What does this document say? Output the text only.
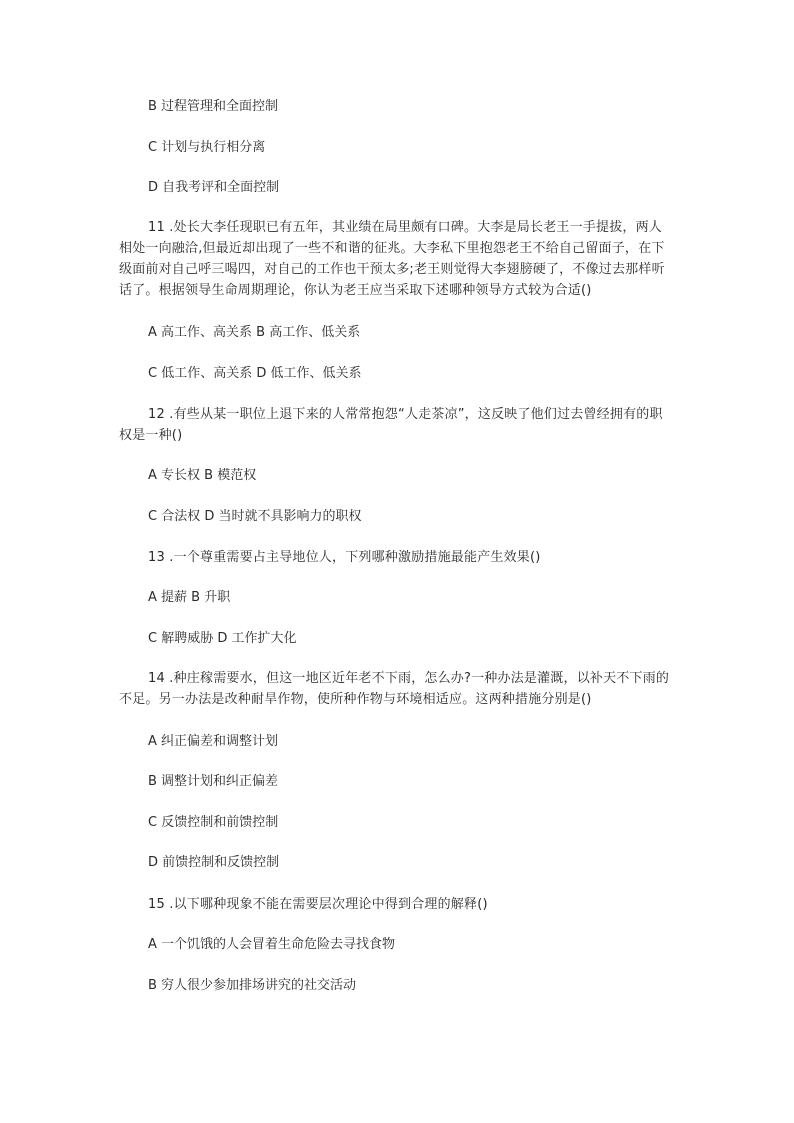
B 过程管理和全面控制
C 计划与执行相分离
D 自我考评和全面控制
11 .处长大李任现职已有五年，其业绩在局里颇有口碑。大李是局长老王一手提拔，两人相处一向融洽,但最近却出现了一些不和谐的征兆。大李私下里抱怨老王不给自己留面子，在下级面前对自己呼三喝四，对自己的工作也干预太多;老王则觉得大李翅膀硬了，不像过去那样听话了。根据领导生命周期理论，你认为老王应当采取下述哪种领导方式较为合适()
A 高工作、高关系 B 高工作、低关系
C 低工作、高关系 D 低工作、低关系
12 .有些从某一职位上退下来的人常常抱怨“人走茶凉”，这反映了他们过去曾经拥有的职权是一种()
A 专长权 B 模范权
C 合法权 D 当时就不具影响力的职权
13 .一个尊重需要占主导地位人，下列哪种激励措施最能产生效果()
A 提薪 B 升职
C 解聘威胁 D 工作扩大化
14 .种庄稼需要水，但这一地区近年老不下雨，怎么办?一种办法是灌溉，以补天不下雨的不足。另一办法是改种耐旱作物，使所种作物与环境相适应。这两种措施分别是()
A 纠正偏差和调整计划
B 调整计划和纠正偏差
C 反馈控制和前馈控制
D 前馈控制和反馈控制
15 .以下哪种现象不能在需要层次理论中得到合理的解释()
A 一个饥饿的人会冒着生命危险去寻找食物
B 穷人很少参加排场讲究的社交活动
